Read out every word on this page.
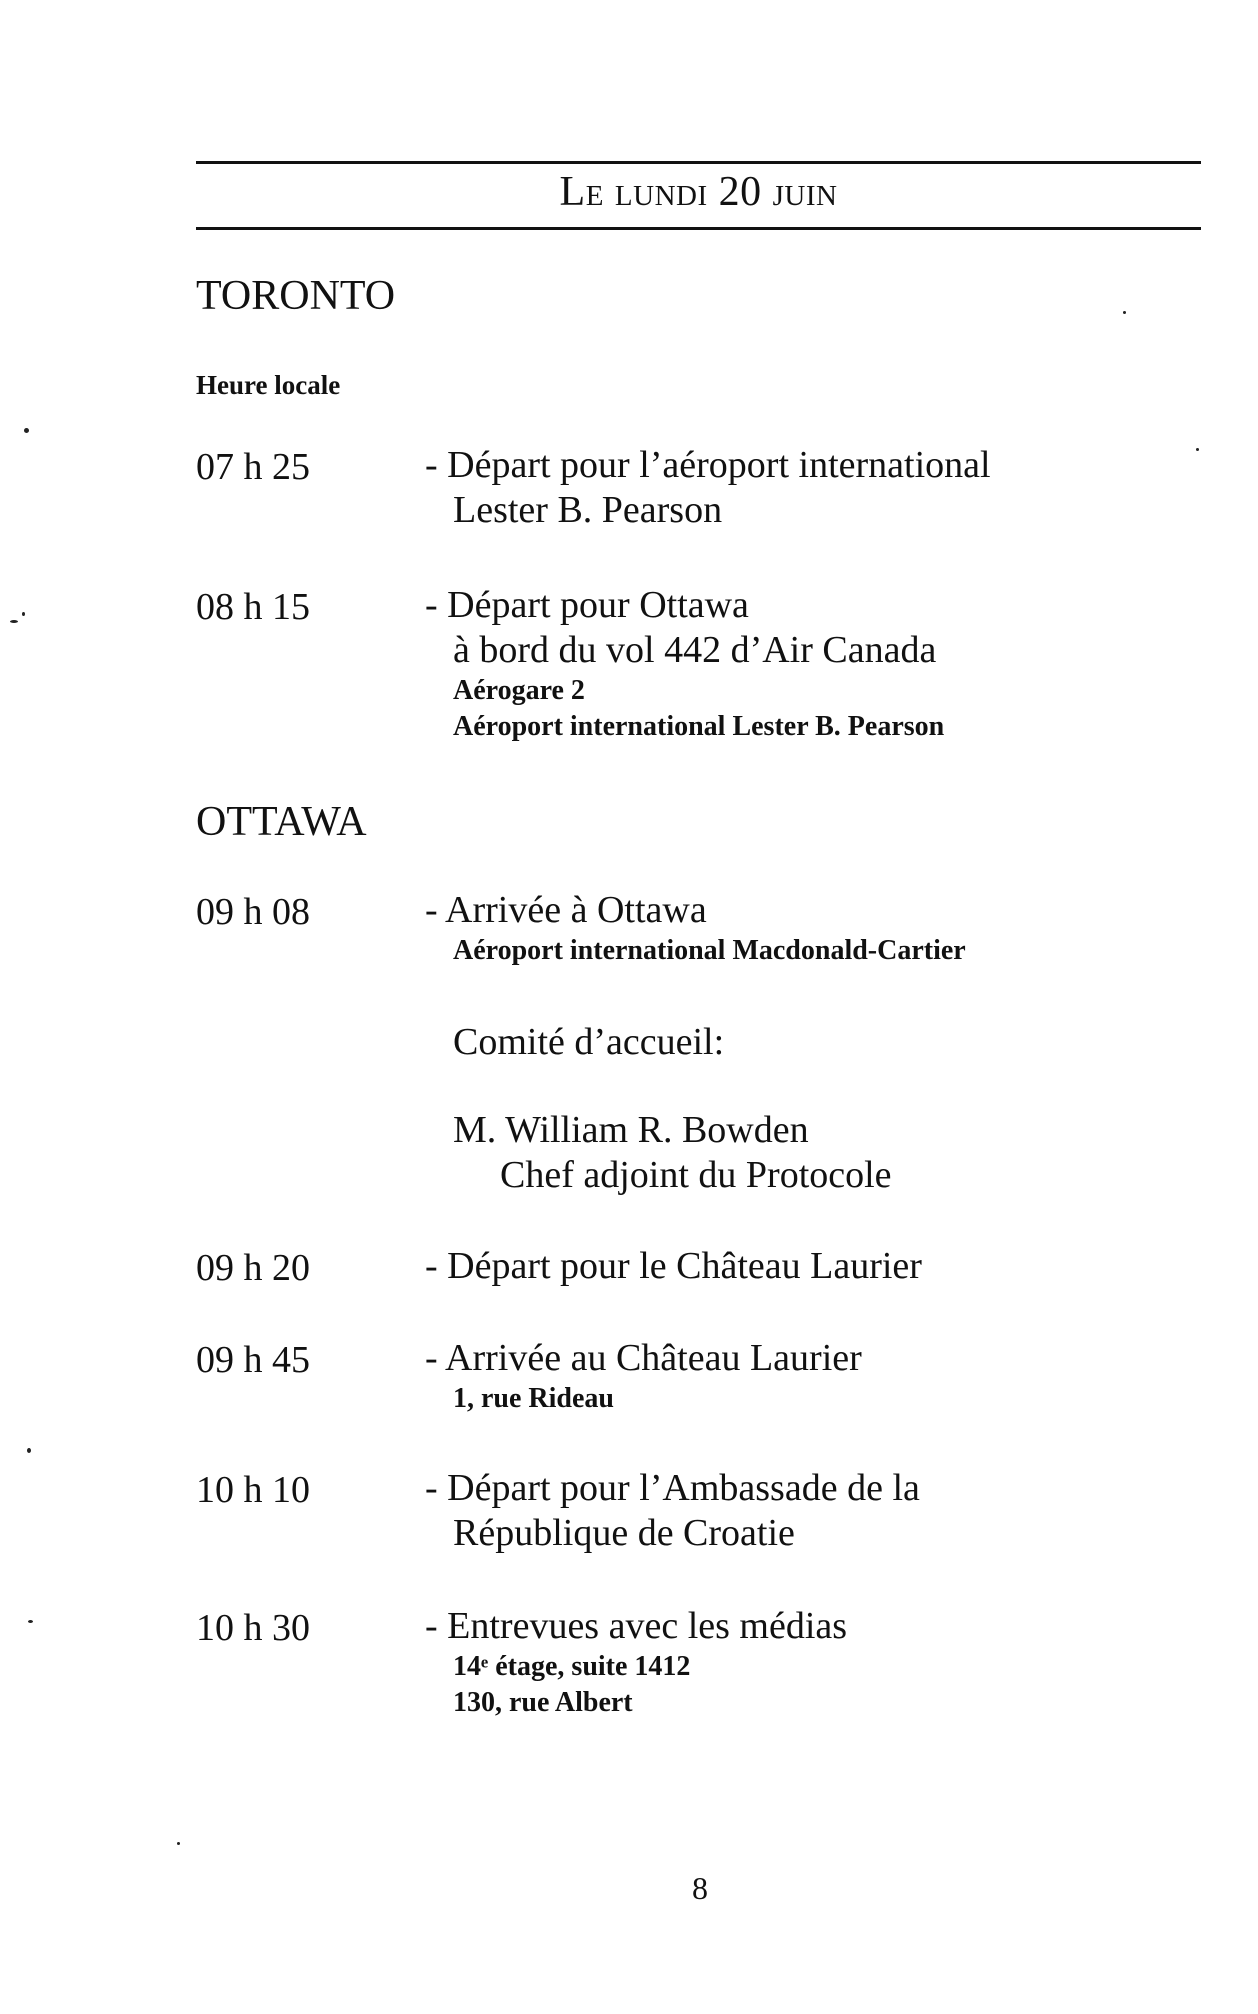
Le lundi 20 juin
TORONTO
Heure locale
07 h 25	- Départ pour l’aéroport international
Lester B. Pearson
08 h 15	- Départ pour Ottawa
à bord du vol 442 d’Air Canada
Aérogare 2
Aéroport international Lester B. Pearson
OTTAWA
09 h 08	- Arrivée à Ottawa
Aéroport international Macdonald-Cartier
Comité d’accueil:
M. William R. Bowden
Chef adjoint du Protocole
09 h 20	- Départ pour le Château Laurier
09 h 45	- Arrivée au Château Laurier
1, rue Rideau
10 h 10	- Départ pour l’Ambassade de la
République de Croatie
10 h 30	- Entrevues avec les médias
14ᵉ étage, suite 1412
130, rue Albert
8
